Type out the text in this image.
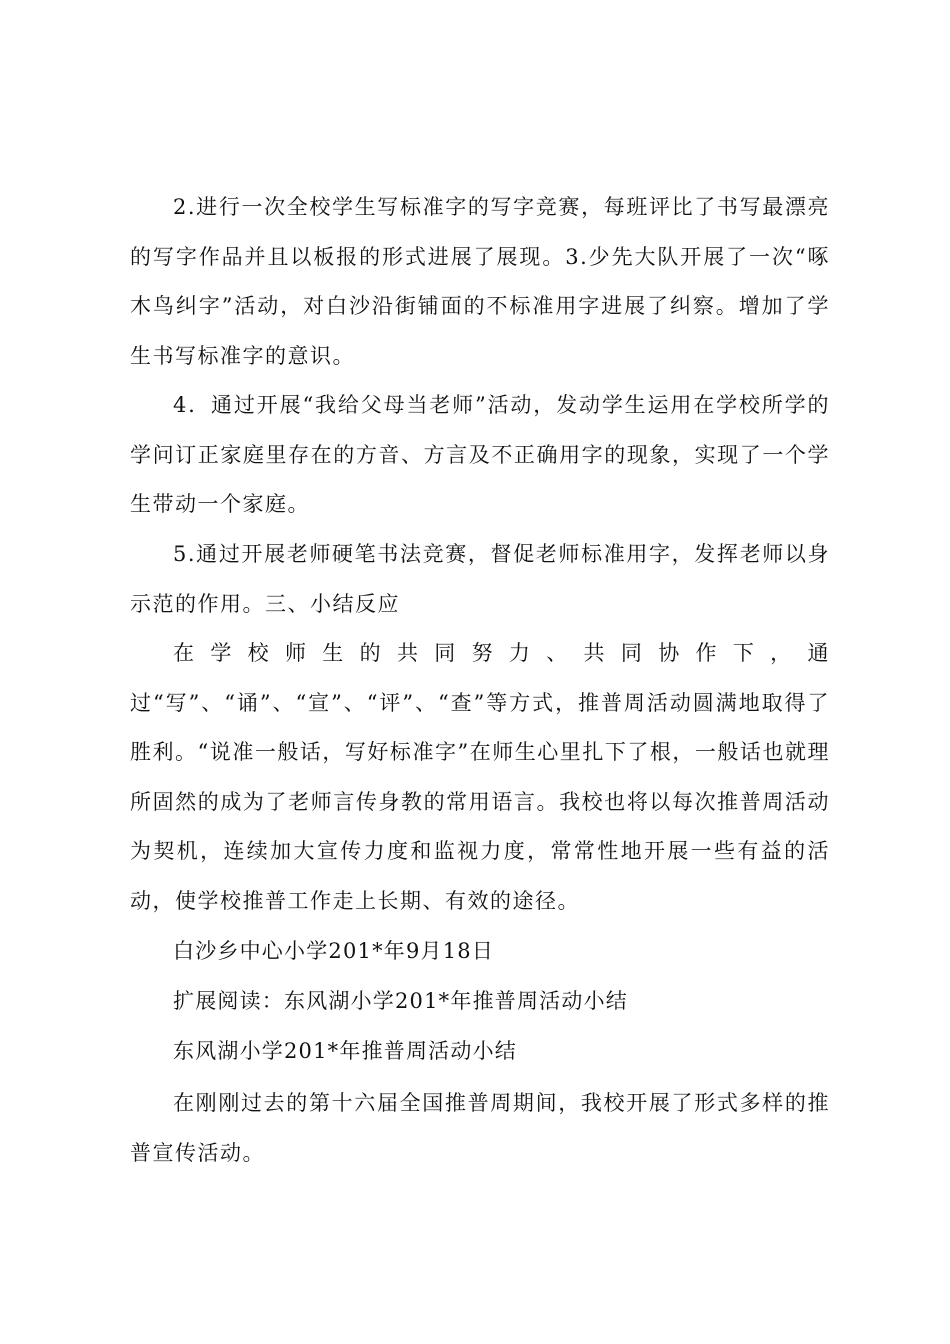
2.进行一次全校学生写标准字的写字竞赛，每班评比了书写最漂亮的写字作品并且以板报的形式进展了展现。3.少先大队开展了一次“啄木鸟纠字”活动，对白沙沿街铺面的不标准用字进展了纠察。增加了学生书写标准字的意识。

4．通过开展“我给父母当老师”活动，发动学生运用在学校所学的学问订正家庭里存在的方音、方言及不正确用字的现象，实现了一个学生带动一个家庭。

5.通过开展老师硬笔书法竞赛，督促老师标准用字，发挥老师以身示范的作用。三、小结反应

在学校师生的共同努力、共同协作下，通过“写”、“诵”、“宣”、“评”、“查”等方式，推普周活动圆满地取得了胜利。“说准一般话，写好标准字”在师生心里扎下了根，一般话也就理所固然的成为了老师言传身教的常用语言。我校也将以每次推普周活动为契机，连续加大宣传力度和监视力度，常常性地开展一些有益的活动，使学校推普工作走上长期、有效的途径。

白沙乡中心小学201*年9月18日

扩展阅读：东风湖小学201*年推普周活动小结

东风湖小学201*年推普周活动小结

在刚刚过去的第十六届全国推普周期间，我校开展了形式多样的推普宣传活动。
